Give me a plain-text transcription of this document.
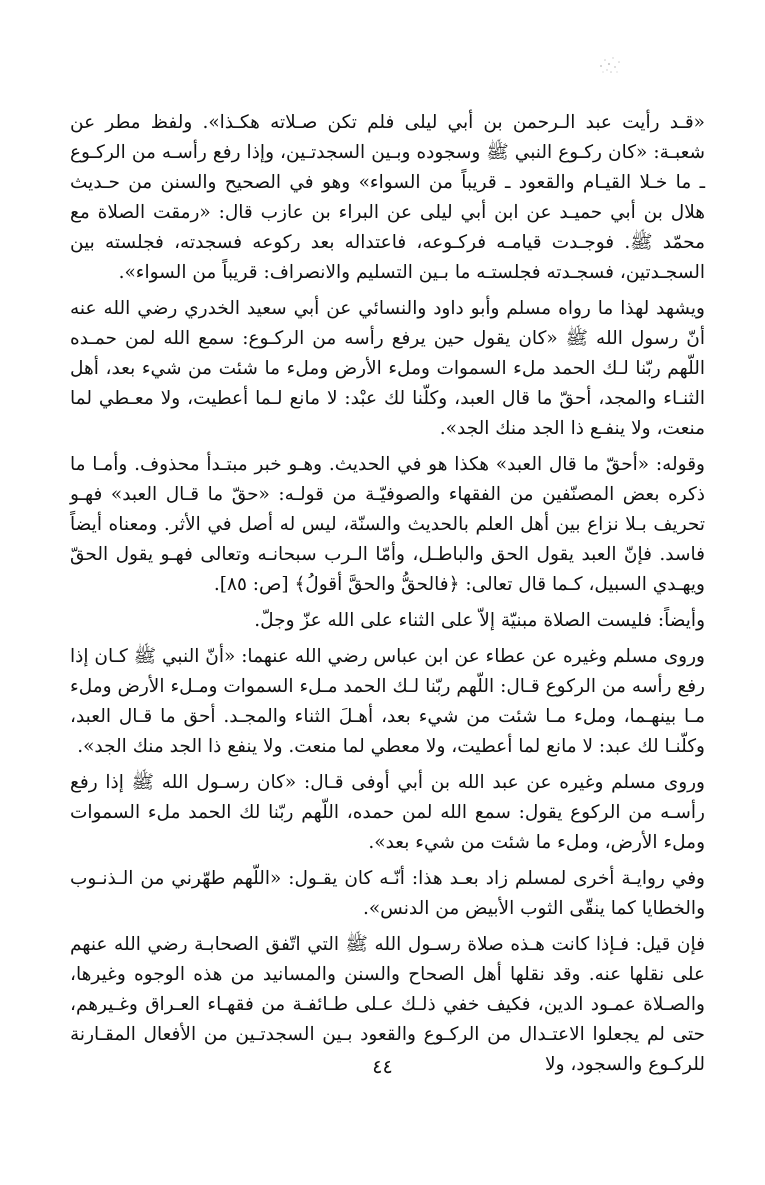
«قـد رأيت عبد الـرحمن بن أبي ليلى فلم تكن صـلاته هكـذا». ولفظ مطر عن شعبـة: «كان ركـوع النبي ﷺ وسجوده وبـين السجدتـين، وإذا رفع رأسـه من الركـوع ـ ما خـلا القيـام والقعود ـ قريباً من السواء» وهو في الصحيح والسنن من حـديث هلال بن أبي حميـد عن ابن أبي ليلى عن البراء بن عازب قال: «رمقت الصلاة مع محمّد ﷺ. فوجـدت قيامـه فركـوعه، فاعتداله بعد ركوعه فسجدته، فجلسته بين السجـدتين، فسجـدته فجلستـه ما بـين التسليم والانصراف: قريباً من السواء».

ويشهد لهذا ما رواه مسلم وأبو داود والنسائي عن أبي سعيد الخدري رضي الله عنه أنّ رسول الله ﷺ «كان يقول حين يرفع رأسه من الركـوع: سمع الله لمن حمـده اللّهم ربّنا لـك الحمد ملء السموات وملء الأرض وملء ما شئت من شيء بعد، أهل الثنـاء والمجد، أحقّ ما قال العبد، وكلّنا لك عبْد: لا مانع لـما أعطيت، ولا معـطي لما منعت، ولا ينفـع ذا الجد منك الجد».

وقوله: «أحقّ ما قال العبد» هكذا هو في الحديث. وهـو خبر مبتـدأ محذوف. وأمـا ما ذكره بعض المصنّفين من الفقهاء والصوفيّـة من قولـه: «حقّ ما قـال العبد» فهـو تحريف بـلا نزاع بين أهل العلم بالحديث والسنّة، ليس له أصل في الأثر. ومعناه أيضاً فاسد. فإنّ العبد يقول الحق والباطـل، وأمّا الـرب سبحانـه وتعالى فهـو يقول الحقّ ويهـدي السبيل، كـما قال تعالى: ﴿فالحقُّ والحقَّ أقولُ﴾ [ص: ٨٥].

وأيضاً: فليست الصلاة مبنيّة إلاّ على الثناء على الله عزّ وجلّ.

وروى مسلم وغيره عن عطاء عن ابن عباس رضي الله عنهما: «أنّ النبي ﷺ كـان إذا رفع رأسه من الركوع قـال: اللّهم ربّنا لـك الحمد مـلء السموات ومـلء الأرض وملء مـا بينهـما، وملء مـا شئت من شيء بعد، أهـلَ الثناء والمجـد. أحق ما قـال العبد، وكلّنـا لك عبد: لا مانع لما أعطيت، ولا معطي لما منعت. ولا ينفع ذا الجد منك الجد».

وروى مسلم وغيره عن عبد الله بن أبي أوفى قـال: «كان رسـول الله ﷺ إذا رفع رأسـه من الركوع يقول: سمع الله لمن حمده، اللّهم ربّنا لك الحمد ملء السموات وملء الأرض، وملء ما شئت من شيء بعد».

وفي روايـة أخرى لمسلم زاد بعـد هذا: أنّـه كان يقـول: «اللّهم طهّرني من الـذنـوب والخطايا كما ينقّى الثوب الأبيض من الدنس».

فإن قيل: فـإذا كانت هـذه صلاة رسـول الله ﷺ التي اتّفق الصحابـة رضي الله عنهم على نقلها عنه. وقد نقلها أهل الصحاح والسنن والمسانيد من هذه الوجوه وغيرها، والصـلاة عمـود الدين، فكيف خفي ذلـك عـلى طـائفـة من فقهـاء العـراق وغـيرهم، حتى لم يجعلوا الاعتـدال من الركـوع والقعود بـين السجدتـين من الأفعال المقـارنة للركـوع والسجود، ولا

٤٤
